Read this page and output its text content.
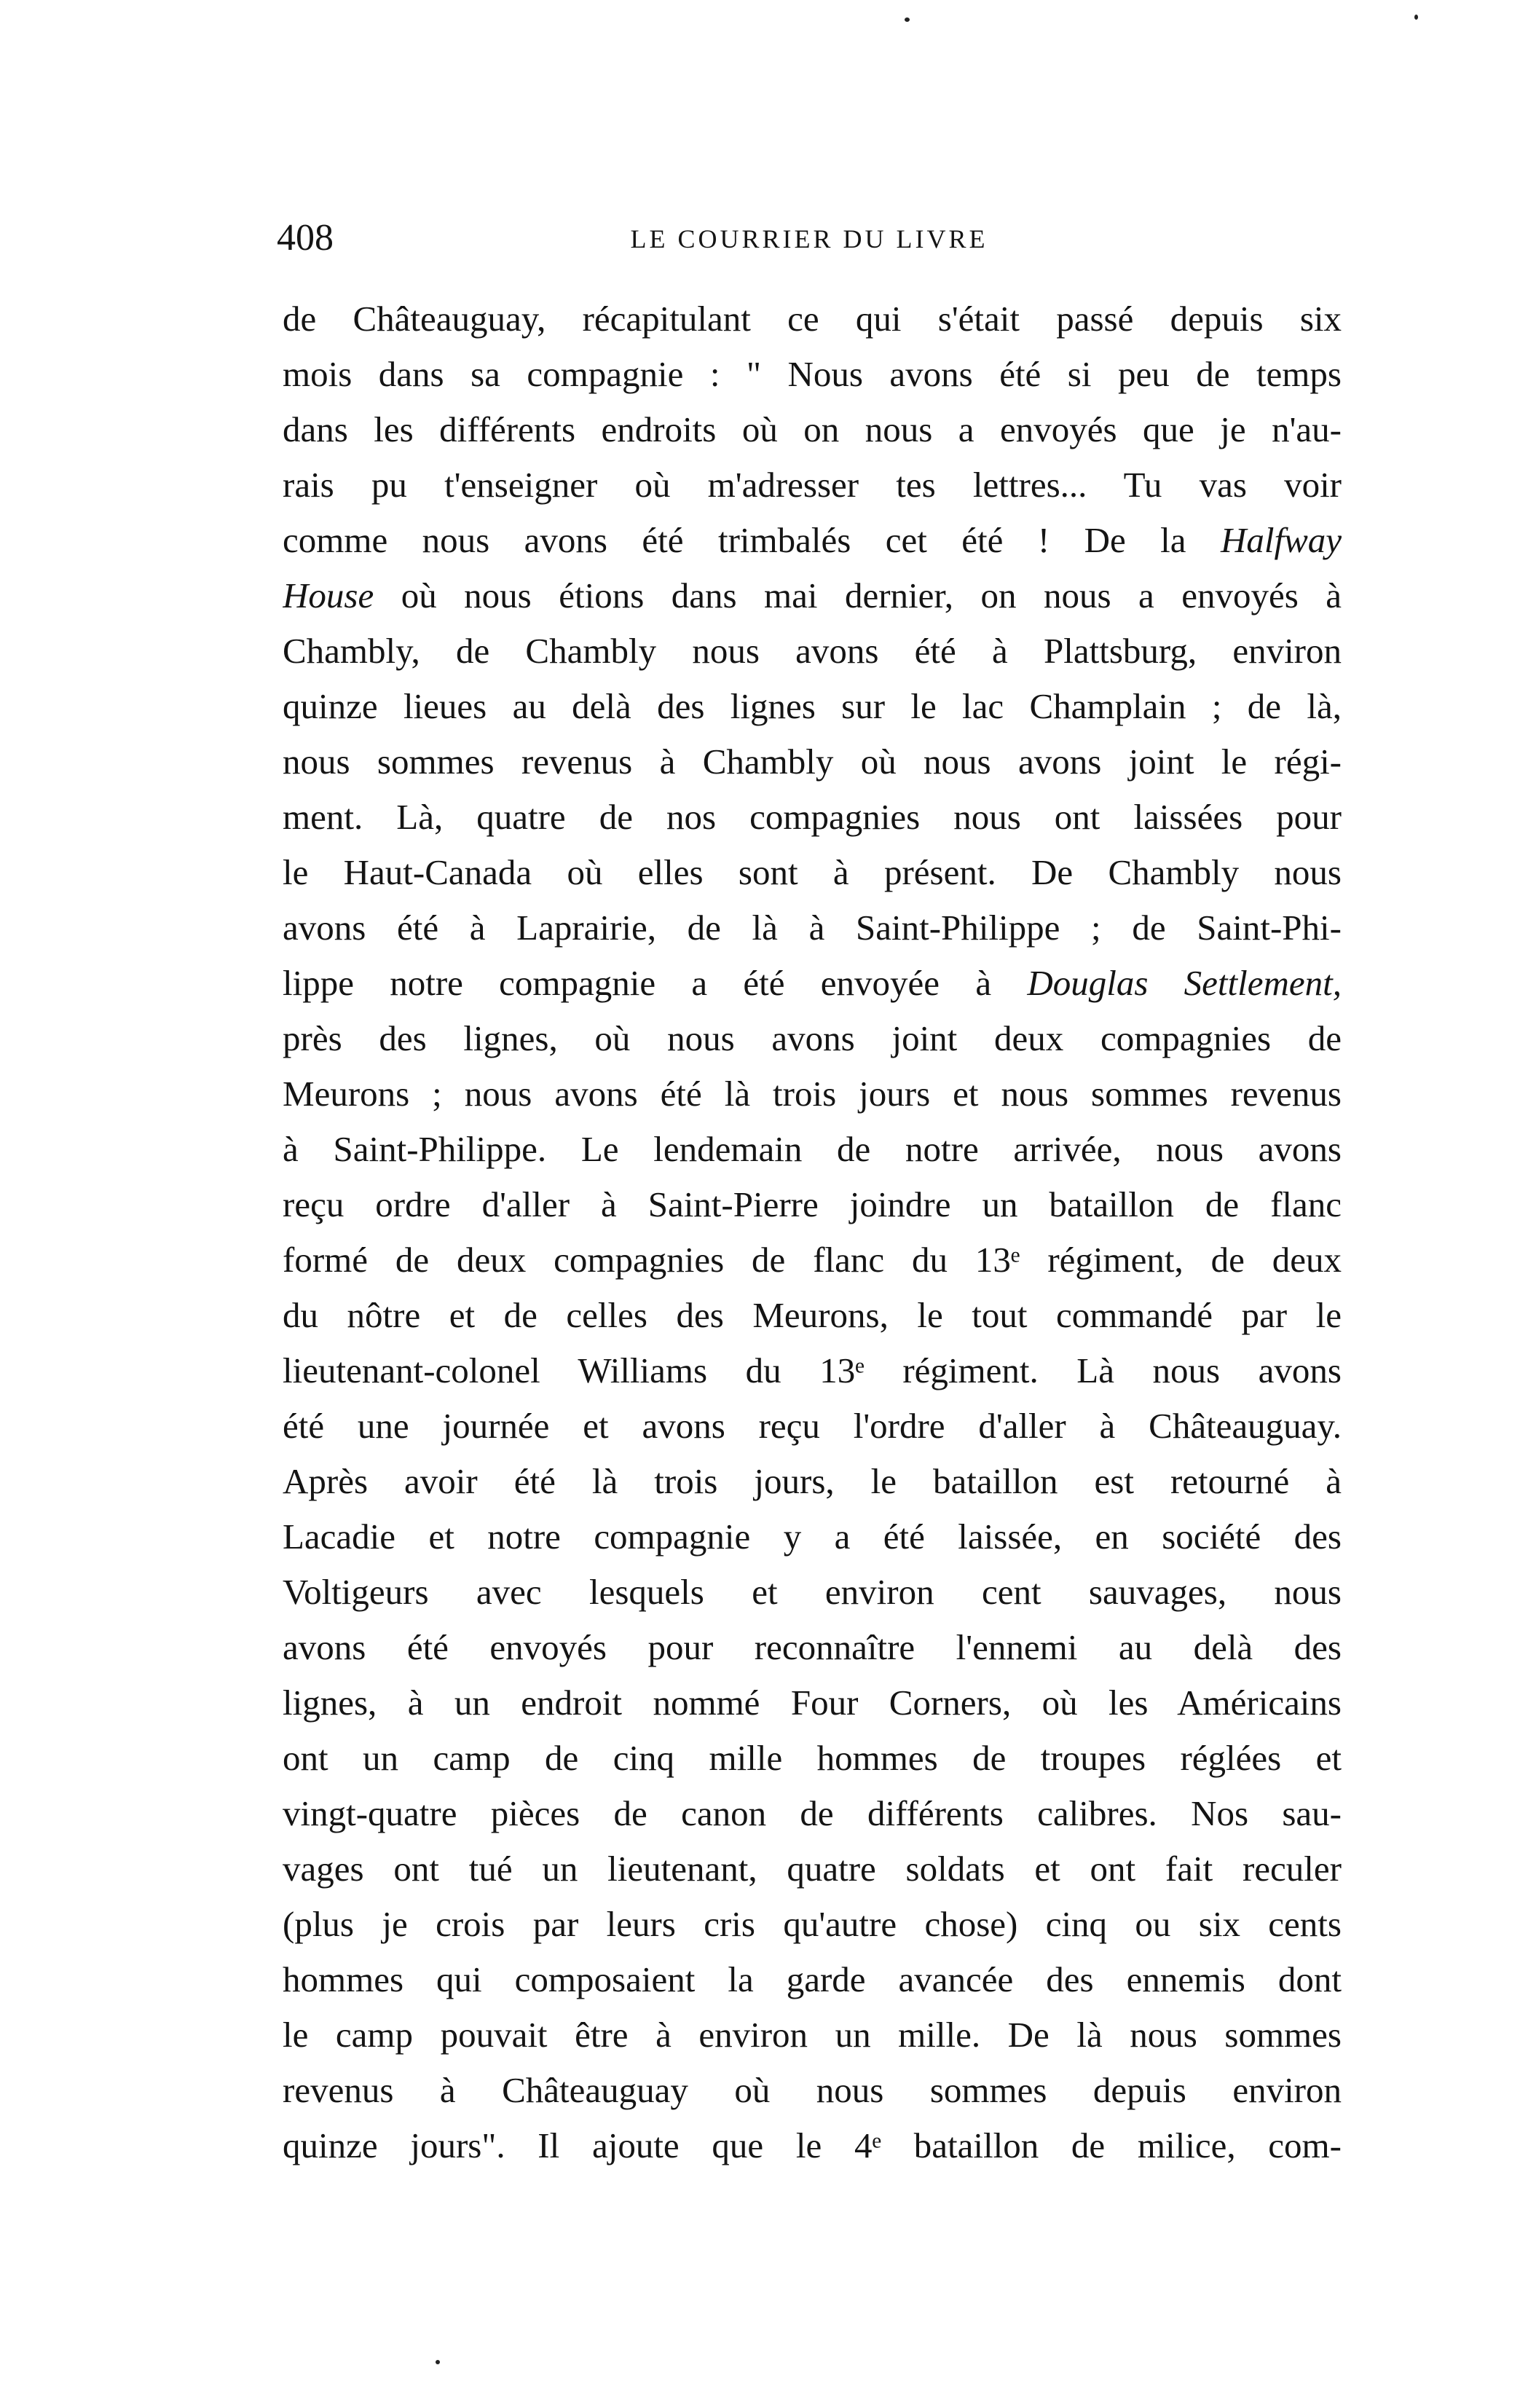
408	LE COURRIER DU LIVRE
de Châteauguay, récapitulant ce qui s'était passé depuis six
mois dans sa compagnie : " Nous avons été si peu de temps
dans les différents endroits où on nous a envoyés que je n'au-
rais pu t'enseigner où m'adresser tes lettres... Tu vas voir
comme nous avons été trimbalés cet été ! De la Halfway
House où nous étions dans mai dernier, on nous a envoyés à
Chambly, de Chambly nous avons été à Plattsburg, environ
quinze lieues au delà des lignes sur le lac Champlain ; de là,
nous sommes revenus à Chambly où nous avons joint le régi-
ment. Là, quatre de nos compagnies nous ont laissées pour
le Haut-Canada où elles sont à présent. De Chambly nous
avons été à Laprairie, de là à Saint-Philippe ; de Saint-Phi-
lippe notre compagnie a été envoyée à Douglas Settlement,
près des lignes, où nous avons joint deux compagnies de
Meurons ; nous avons été là trois jours et nous sommes revenus
à Saint-Philippe. Le lendemain de notre arrivée, nous avons
reçu ordre d'aller à Saint-Pierre joindre un bataillon de flanc
formé de deux compagnies de flanc du 13ᵉ régiment, de deux
du nôtre et de celles des Meurons, le tout commandé par le
lieutenant-colonel Williams du 13ᵉ régiment. Là nous avons
été une journée et avons reçu l'ordre d'aller à Châteauguay.
Après avoir été là trois jours, le bataillon est retourné à
Lacadie et notre compagnie y a été laissée, en société des
Voltigeurs avec lesquels et environ cent sauvages, nous
avons été envoyés pour reconnaître l'ennemi au delà des
lignes, à un endroit nommé Four Corners, où les Américains
ont un camp de cinq mille hommes de troupes réglées et
vingt-quatre pièces de canon de différents calibres. Nos sau-
vages ont tué un lieutenant, quatre soldats et ont fait reculer
(plus je crois par leurs cris qu'autre chose) cinq ou six cents
hommes qui composaient la garde avancée des ennemis dont
le camp pouvait être à environ un mille. De là nous sommes
revenus à Châteauguay où nous sommes depuis environ
quinze jours". Il ajoute que le 4ᵉ bataillon de milice, com-
